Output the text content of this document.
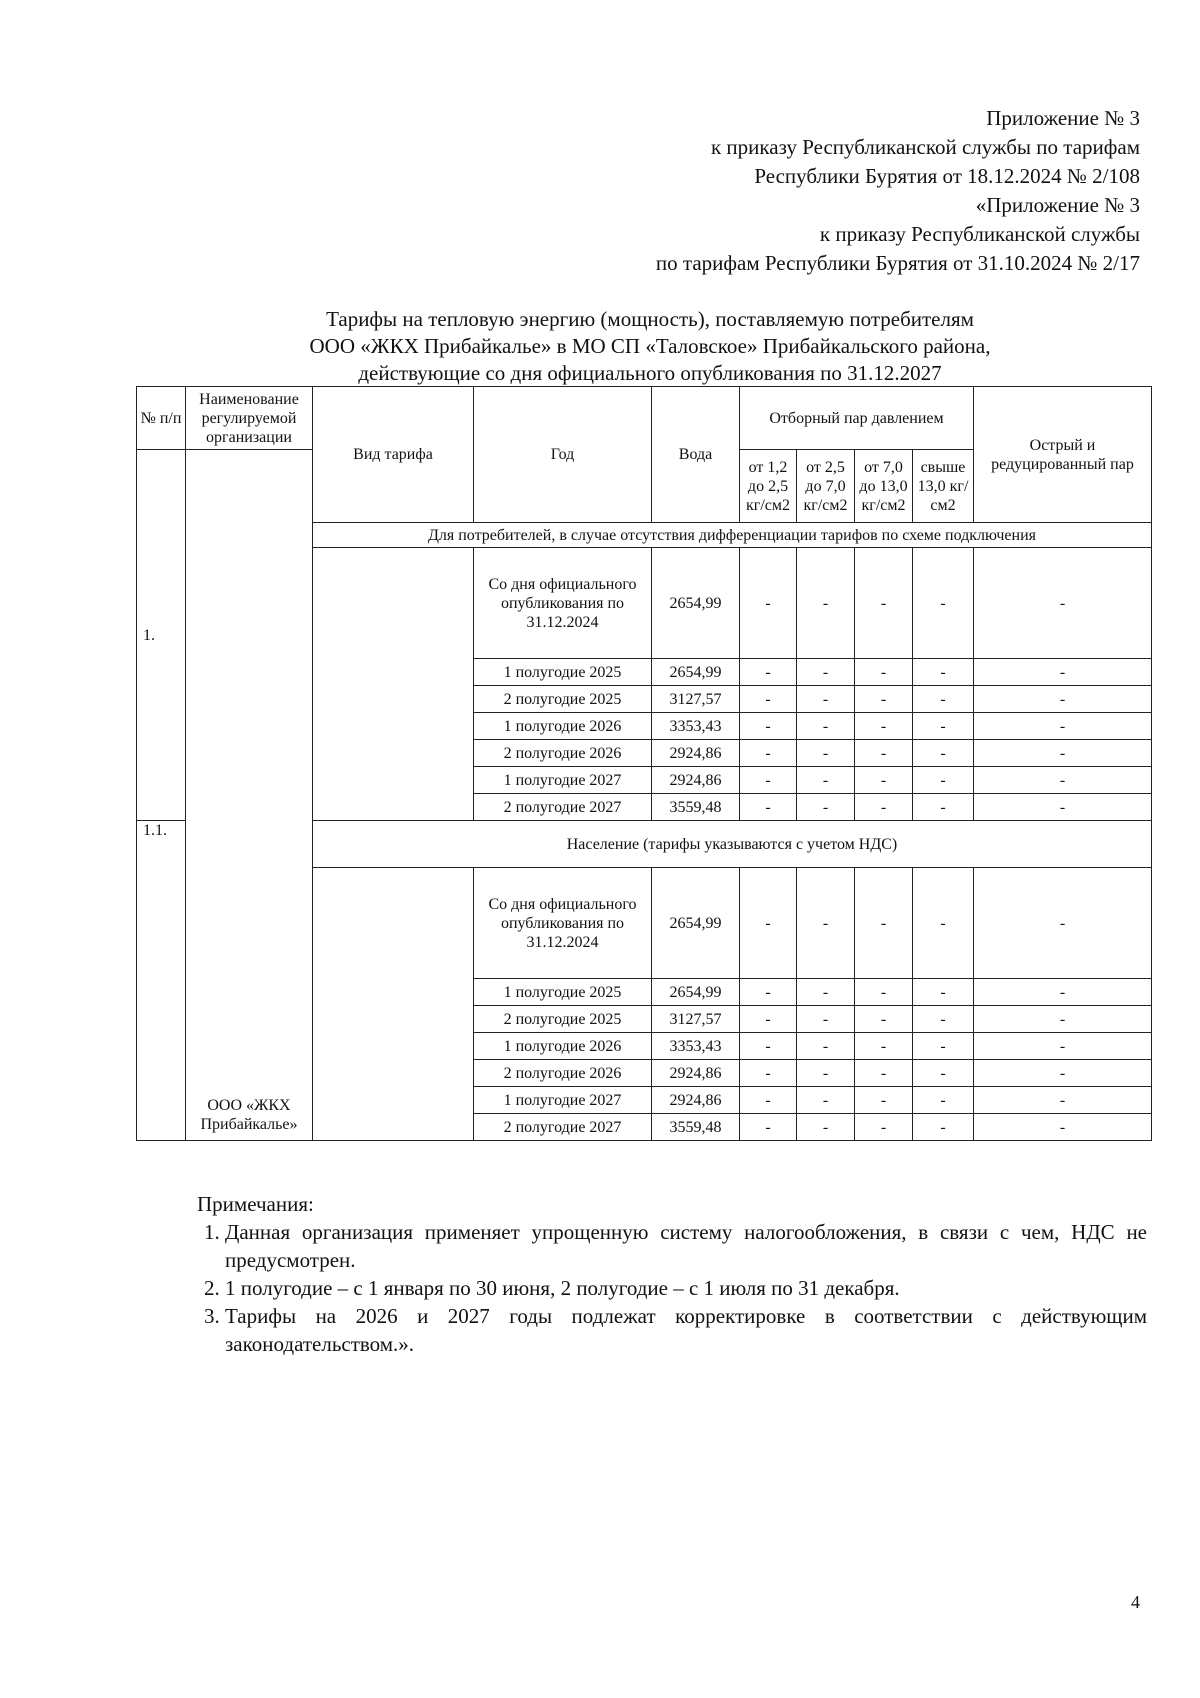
Приложение № 3
к приказу Республиканской службы по тарифам
Республики Бурятия от 18.12.2024 № 2/108
«Приложение № 3
к приказу Республиканской службы
по тарифам Республики Бурятия от 31.10.2024 № 2/17
Тарифы на тепловую энергию (мощность), поставляемую потребителям
ООО «ЖКХ Прибайкалье» в МО СП «Таловское» Прибайкальского района,
действующие со дня официального опубликования по 31.12.2027
№ п/п	Наименование регулируемой организации	Вид тарифа	Год	Вода	Отборный пар давлением				Острый и редуцированный пар
1.	ООО «ЖКХ Прибайкалье»				от 1,2 до 2,5 кг/см2	от 2,5 до 7,0 кг/см2	от 7,0 до 13,0 кг/см2	свыше 13,0 кг/см2	
		Для потребителей, в случае отсутствия дифференциации тарифов по схеме подключения							
			Со дня официального опубликования по 31.12.2024	2654,99	-	-	-	-	-
			1 полугодие 2025	2654,99	-	-	-	-	-
			2 полугодие 2025	3127,57	-	-	-	-	-
			1 полугодие 2026	3353,43	-	-	-	-	-
			2 полугодие 2026	2924,86	-	-	-	-	-
			1 полугодие 2027	2924,86	-	-	-	-	-
			2 полугодие 2027	3559,48	-	-	-	-	-
1.1.		Население (тарифы указываются с учетом НДС)							
			Со дня официального опубликования по 31.12.2024	2654,99	-	-	-	-	-
			1 полугодие 2025	2654,99	-	-	-	-	-
			2 полугодие 2025	3127,57	-	-	-	-	-
			1 полугодие 2026	3353,43	-	-	-	-	-
			2 полугодие 2026	2924,86	-	-	-	-	-
			1 полугодие 2027	2924,86	-	-	-	-	-
			2 полугодие 2027	3559,48	-	-	-	-	-
Примечания:
1. Данная организация применяет упрощенную систему налогообложения, в связи с чем, НДС не предусмотрен.
2. 1 полугодие – с 1 января по 30 июня, 2 полугодие – с 1 июля по 31 декабря.
3. Тарифы на 2026 и 2027 годы подлежат корректировке в соответствии с действующим законодательством.».
4
